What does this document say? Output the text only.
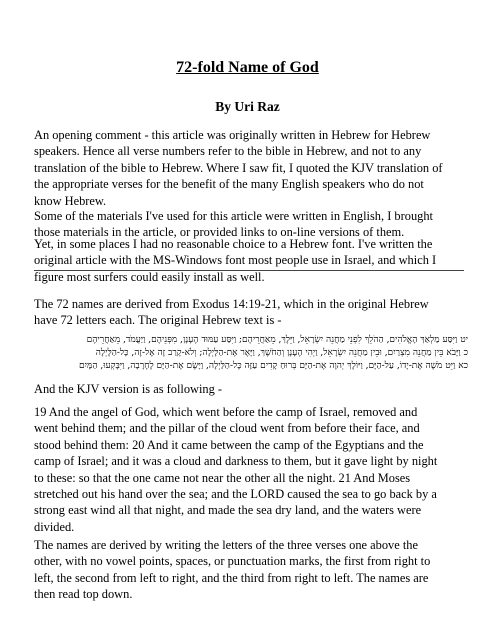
72-fold Name of God
By Uri Raz

An opening comment - this article was originally written in Hebrew for Hebrew
speakers. Hence all verse numbers refer to the bible in Hebrew, and not to any
translation of the bible to Hebrew. Where I saw fit, I quoted the KJV translation of
the appropriate verses for the benefit of the many English speakers who do not
know Hebrew.

Some of the materials I've used for this article were written in English, I brought
those materials in the article, or provided links to on-line versions of them.

Yet, in some places I had no reasonable choice to a Hebrew font. I've written the
original article with the MS-Windows font most people use in Israel, and which I
figure most surfers could easily install as well.

The 72 names are derived from Exodus 14:19-21, which in the original Hebrew
have 72 letters each. The original Hebrew text is -

יט וַיִּסַּע מַלְאַךְ הָאֱלֹהִים, הַהֹלֵךְ לִפְנֵי מַחֲנֵה יִשְׂרָאֵל, וַיֵּלֶךְ, מֵאַחֲרֵיהֶם; וַיִּסַּע עַמּוּד הֶעָנָן, מִפְּנֵיהֶם, וַיַּעֲמֹד, מֵאַחֲרֵיהֶם
כ וַיָּבֹא בֵּין מַחֲנֵה מִצְרַיִם, וּבֵין מַחֲנֵה יִשְׂרָאֵל, וַיְהִי הֶעָנָן וְהַחֹשֶׁךְ, וַיָּאֶר אֶת-הַלָּיְלָה; וְלֹא-קָרַב זֶה אֶל-זֶה, כָּל-הַלָּיְלָה
כא וַיֵּט מֹשֶׁה אֶת-יָדוֹ, עַל-הַיָּם, וַיּוֹלֶךְ יְהוָה אֶת-הַיָּם בְּרוּחַ קָדִים עַזָּה כָּל-הַלַּיְלָה, וַיָּשֶׂם אֶת-הַיָּם לֶחָרָבָה, וַיִּבָּקְעוּ, הַמָּיִם

And the KJV version is as following -

19 And the angel of God, which went before the camp of Israel, removed and
went behind them; and the pillar of the cloud went from before their face, and
stood behind them: 20 And it came between the camp of the Egyptians and the
camp of Israel; and it was a cloud and darkness to them, but it gave light by night
to these: so that the one came not near the other all the night. 21 And Moses
stretched out his hand over the sea; and the LORD caused the sea to go back by a
strong east wind all that night, and made the sea dry land, and the waters were
divided.

The names are derived by writing the letters of the three verses one above the
other, with no vowel points, spaces, or punctuation marks, the first from right to
left, the second from left to right, and the third from right to left. The names are
then read top down.
